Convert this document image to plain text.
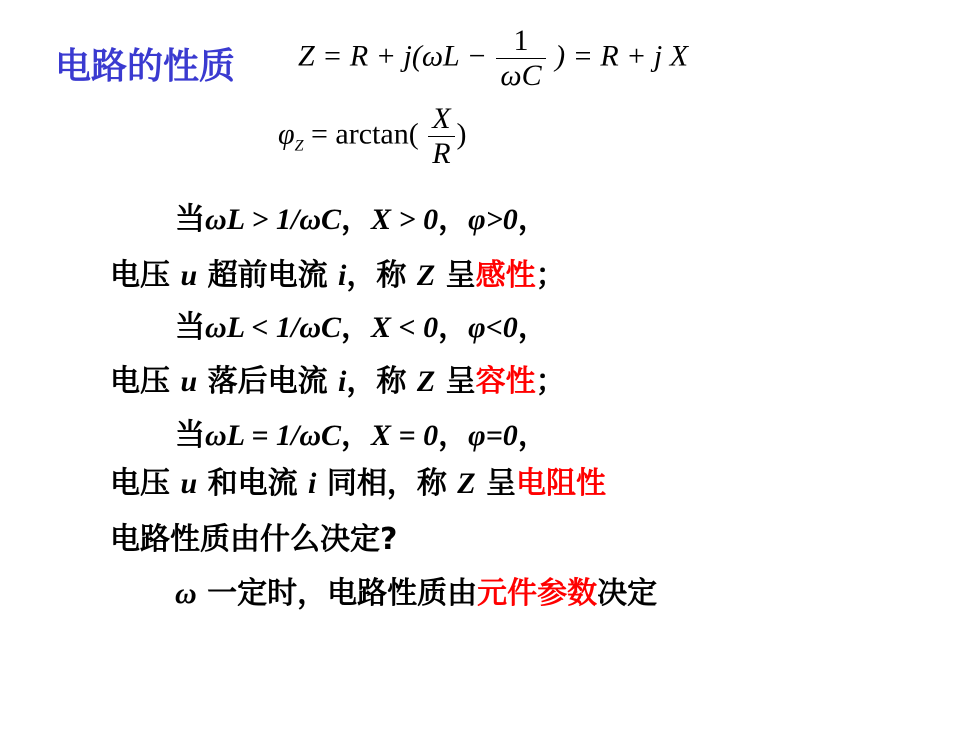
电路的性质 $Z = R + j(\omega L - \frac{1}{\omega C}$ ) = R + j X
$\varphi_Z = \arctan( \frac{X}{R}$ )
当ωL > 1/ωC，X > 0，φ>0，
电压 u 超前电流 i，称 Z 呈感性；
当ωL < 1/ωC，X < 0，φ<0，
电压 u 落后电流 i，称 Z 呈容性；
当ωL = 1/ωC，X = 0，φ=0，
电压 u 和电流 i 同相，称 Z 呈电阻性
电路性质由什么决定?
ω 一定时，电路性质由元件参数决定
